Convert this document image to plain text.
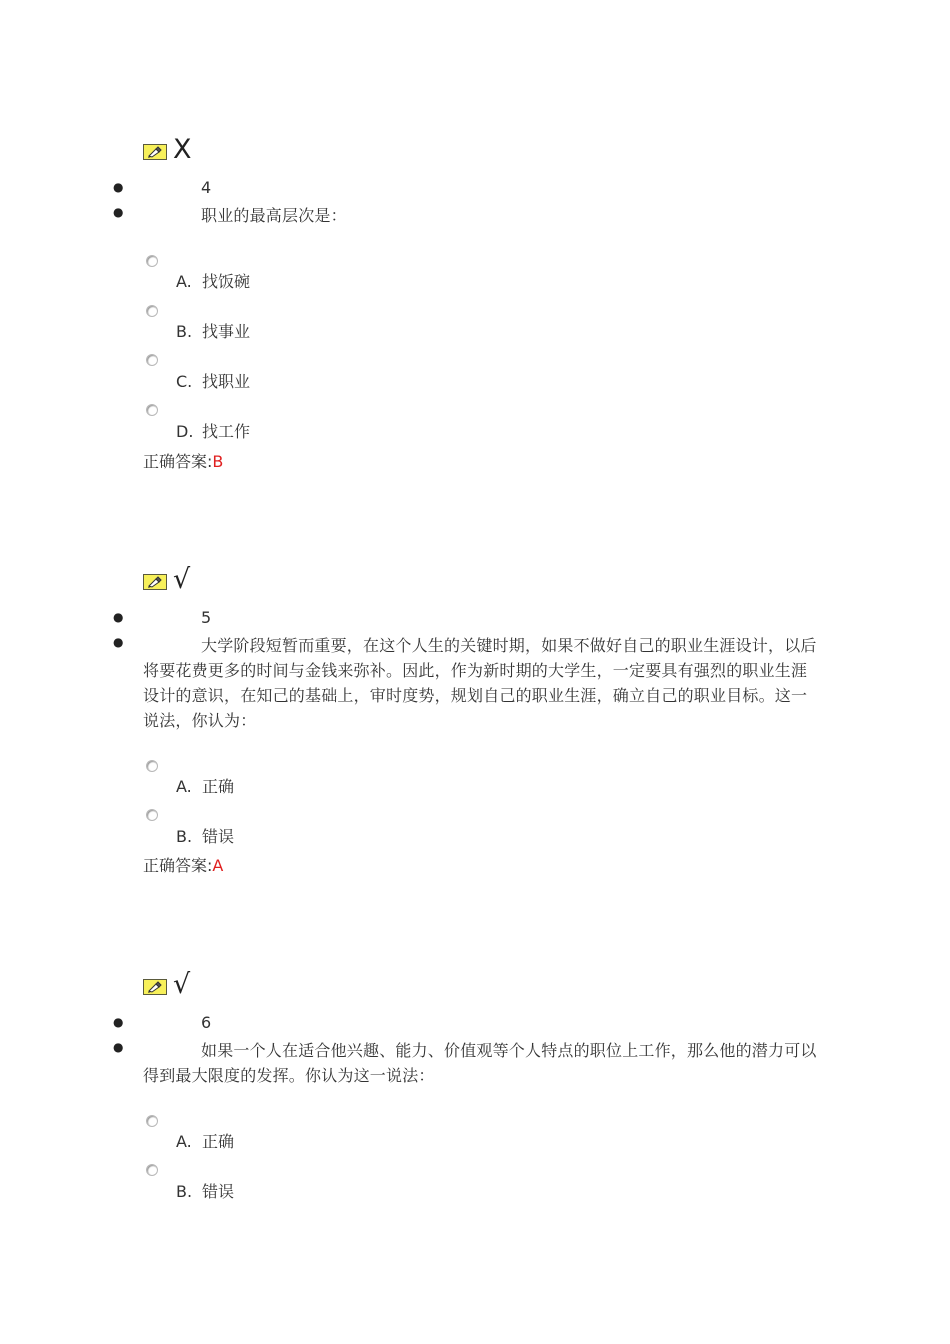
X
●	4
●	职业的最高层次是：
A. 找饭碗
B. 找事业
C. 找职业
D. 找工作
正确答案:B
√
●	5
●	大学阶段短暂而重要，在这个人生的关键时期，如果不做好自己的职业生涯设计，以后将要花费更多的时间与金钱来弥补。因此，作为新时期的大学生，一定要具有强烈的职业生涯设计的意识，在知己的基础上，审时度势，规划自己的职业生涯，确立自己的职业目标。这一说法，你认为：
A. 正确
B. 错误
正确答案:A
√
●	6
●	如果一个人在适合他兴趣、能力、价值观等个人特点的职位上工作，那么他的潜力可以得到最大限度的发挥。你认为这一说法：
A. 正确
B. 错误
